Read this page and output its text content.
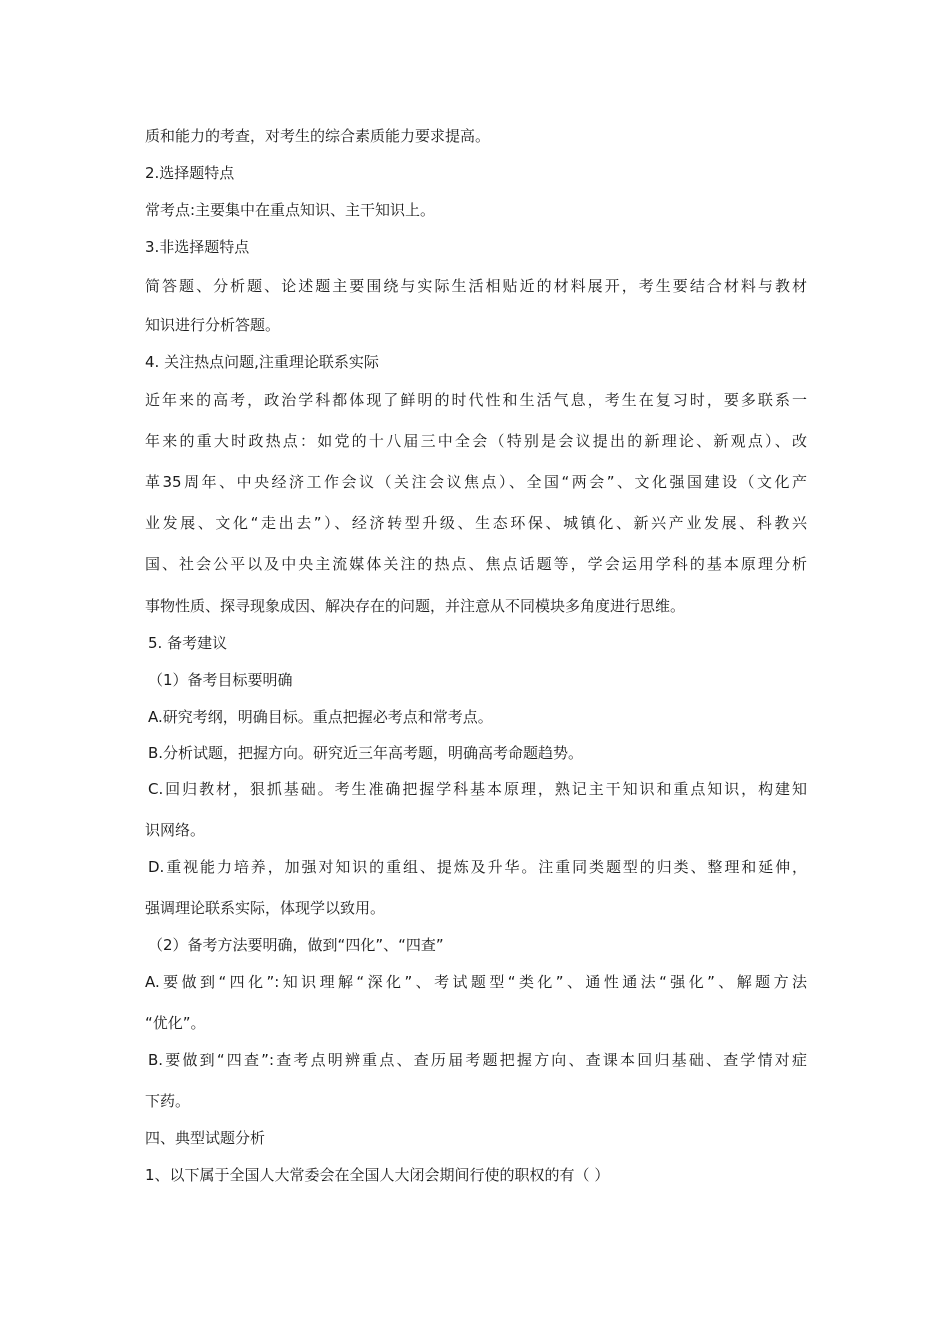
质和能力的考查，对考生的综合素质能力要求提高。
2.选择题特点
常考点:主要集中在重点知识、主干知识上。
3.非选择题特点
简答题、分析题、论述题主要围绕与实际生活相贴近的材料展开，考生要结合材料与教材
知识进行分析答题。
4. 关注热点问题,注重理论联系实际
近年来的高考，政治学科都体现了鲜明的时代性和生活气息，考生在复习时，要多联系一
年来的重大时政热点：如党的十八届三中全会（特别是会议提出的新理论、新观点）、改
革35周年、中央经济工作会议（关注会议焦点）、全国“两会”、文化强国建设（文化产
业发展、文化“走出去”）、经济转型升级、生态环保、城镇化、新兴产业发展、科教兴
国、社会公平以及中央主流媒体关注的热点、焦点话题等，学会运用学科的基本原理分析
事物性质、探寻现象成因、解决存在的问题，并注意从不同模块多角度进行思维。
5. 备考建议
（1）备考目标要明确
A.研究考纲，明确目标。重点把握必考点和常考点。
B.分析试题，把握方向。研究近三年高考题，明确高考命题趋势。
C.回归教材，狠抓基础。考生准确把握学科基本原理，熟记主干知识和重点知识，构建知
识网络。
D.重视能力培养，加强对知识的重组、提炼及升华。注重同类题型的归类、整理和延伸，
强调理论联系实际，体现学以致用。
（2）备考方法要明确，做到“四化”、“四查”
A.要做到“四化”:知识理解“深化”、考试题型“类化”、通性通法“强化”、解题方法
“优化”。
B.要做到“四查”:查考点明辨重点、查历届考题把握方向、查课本回归基础、查学情对症
下药。
四、典型试题分析
1、以下属于全国人大常委会在全国人大闭会期间行使的职权的有（ ）
